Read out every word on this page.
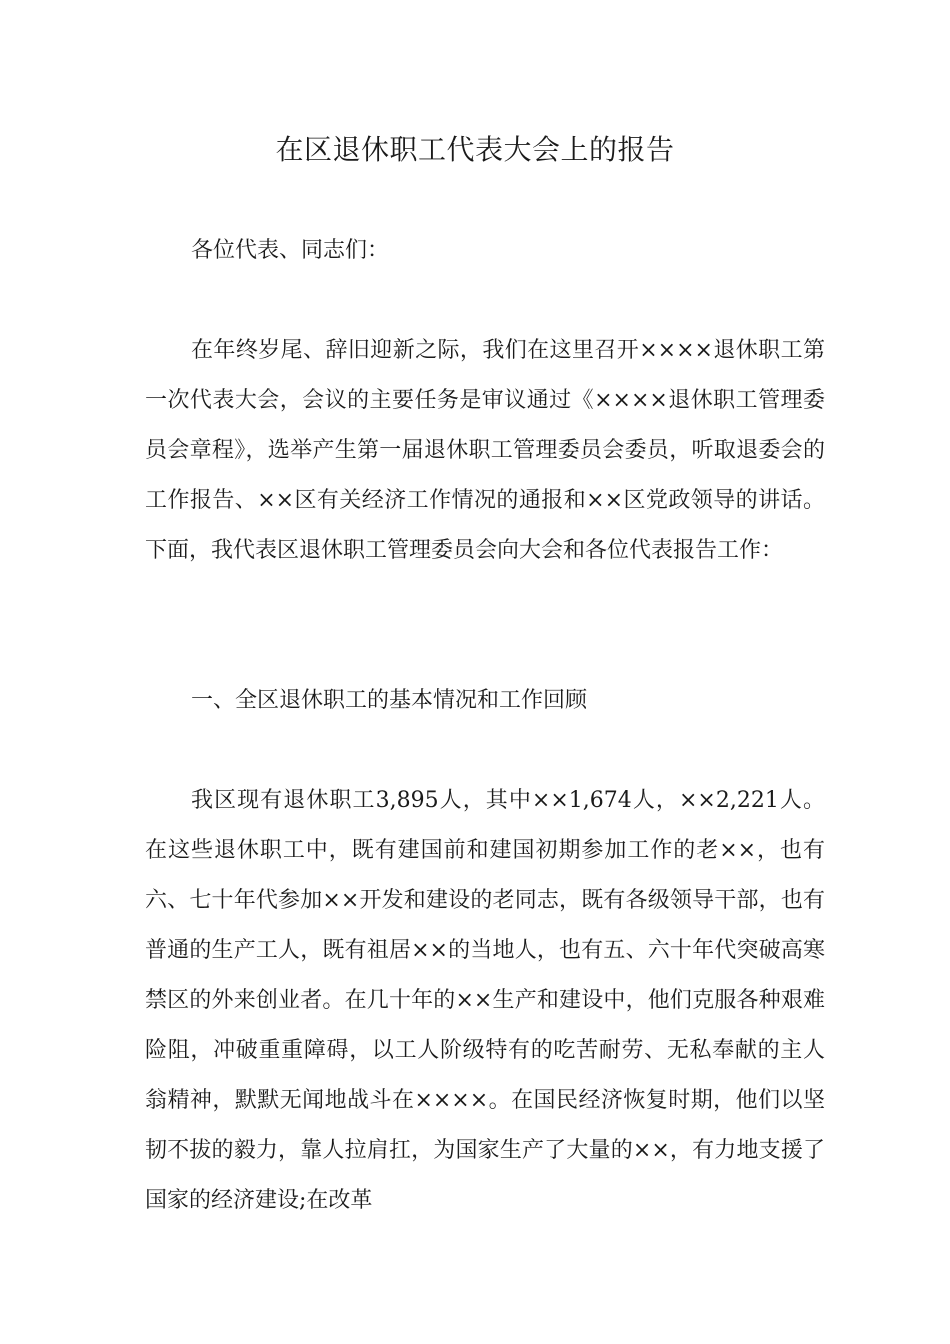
在区退休职工代表大会上的报告

各位代表、同志们：

在年终岁尾、辞旧迎新之际，我们在这里召开××××退休职工第一次代表大会，会议的主要任务是审议通过《××××退休职工管理委员会章程》，选举产生第一届退休职工管理委员会委员，听取退委会的工作报告、××区有关经济工作情况的通报和××区党政领导的讲话。下面，我代表区退休职工管理委员会向大会和各位代表报告工作：

一、全区退休职工的基本情况和工作回顾

我区现有退休职工3,895人，其中××1,674人，××2,221人。在这些退休职工中，既有建国前和建国初期参加工作的老××，也有六、七十年代参加××开发和建设的老同志，既有各级领导干部，也有普通的生产工人，既有祖居××的当地人，也有五、六十年代突破高寒禁区的外来创业者。在几十年的××生产和建设中，他们克服各种艰难险阻，冲破重重障碍，以工人阶级特有的吃苦耐劳、无私奉献的主人翁精神，默默无闻地战斗在××××。在国民经济恢复时期，他们以坚韧不拔的毅力，靠人拉肩扛，为国家生产了大量的××，有力地支援了国家的经济建设;在改革
